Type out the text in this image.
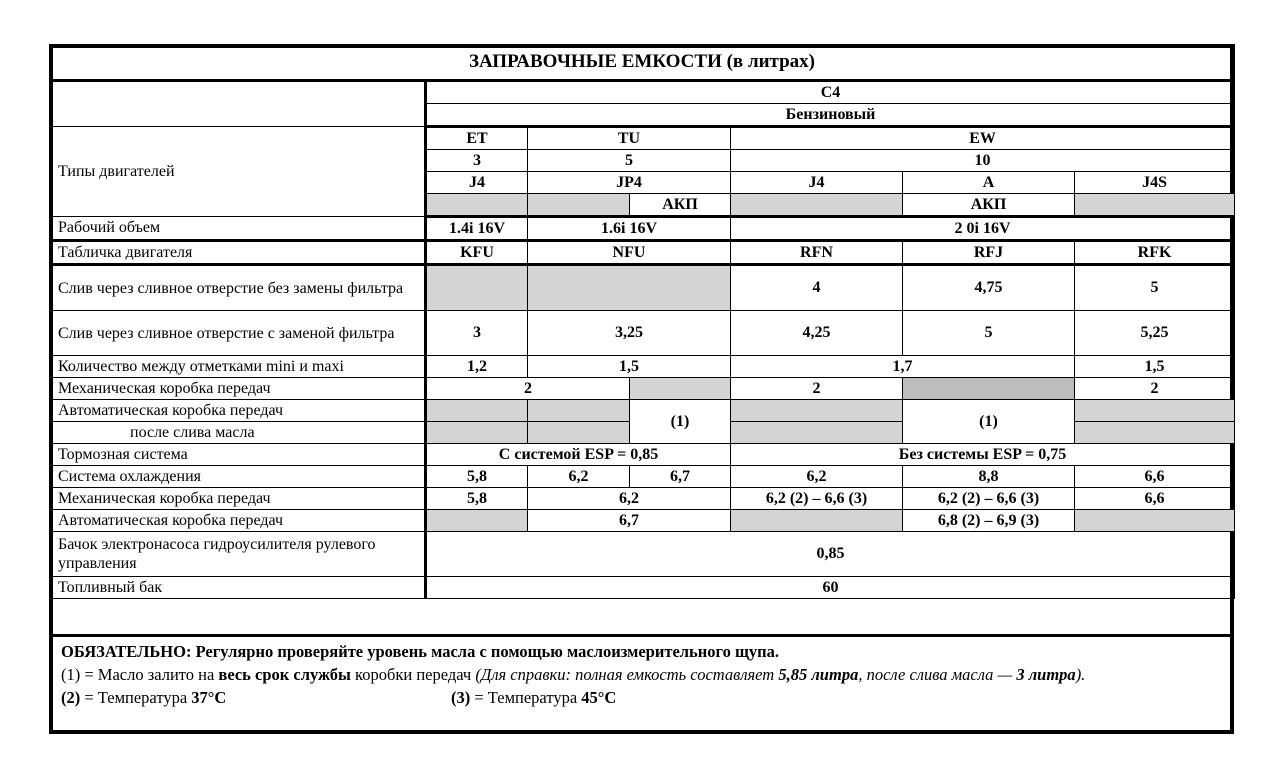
ЗАПРАВОЧНЫЕ ЕМКОСТИ (в литрах)						
	C4					
	Бензиновый					
Типы двигателей	ET	TU		EW		
	3	5		10		
	J4	JP4		J4	A	J4S
			АКП		АКП	
Рабочий объем	1.4i 16V	1.6i 16V		2 0i 16V		
Табличка двигателя	KFU	NFU		RFN	RFJ	RFK
Слив через сливное отверстие без замены фильтра				4	4,75	5
Слив через сливное отверстие с заменой фильтра	3	3,25		4,25	5	5,25
Количество между отметками mini и maxi	1,2	1,5		1,7		1,5
Механическая коробка передач	2			2		2
Автоматическая коробка передач			(1)		(1)	
после слива масла						
Тормозная система	С системой ESP = 0,85			Без системы ESP = 0,75		
Система охлаждения	5,8	6,2	6,7	6,2	8,8	6,6
Механическая коробка передач	5,8	6,2		6,2 (2) – 6,6 (3)	6,2 (2) – 6,6 (3)	6,6
Автоматическая коробка передач		6,7			6,8 (2) – 6,9 (3)	
Бачок электронасоса гидроусилителя рулевого управления	0,85					
Топливный бак	60					

ОБЯЗАТЕЛЬНО: Регулярно проверяйте уровень масла с помощью маслоизмерительного щупа.

(1) = Масло залито на весь срок службы коробки передач (Для справки: полная емкость составляет 5,85 литра, после слива масла — 3 литра).

(2) = Температура 37°C	(3) = Температура 45°C
